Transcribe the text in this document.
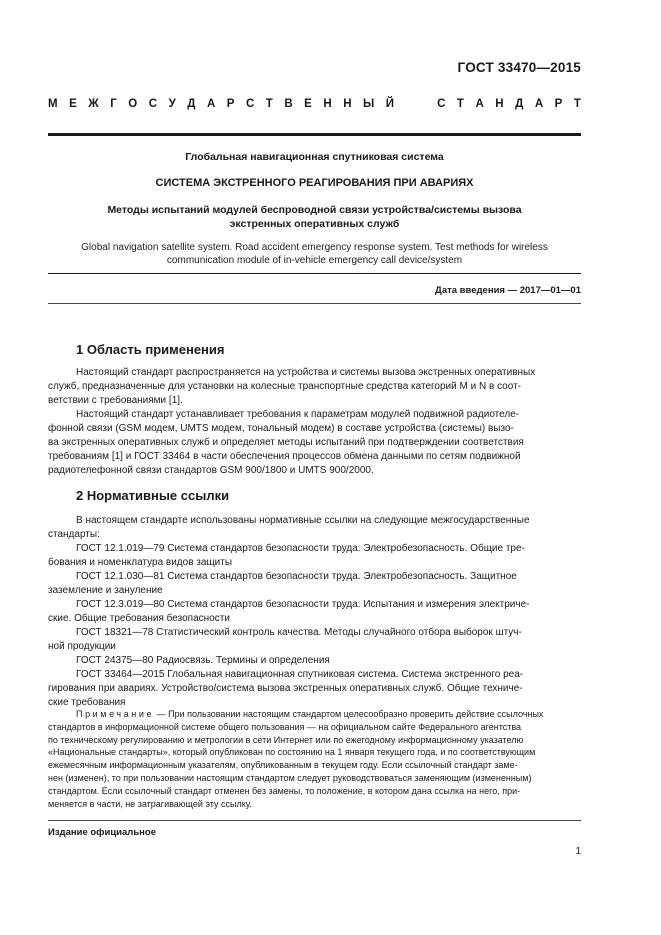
ГОСТ 33470—2015
М Е Ж Г О С У Д А Р С Т В Е Н Н Ы Й	С Т А Н Д А Р Т
Глобальная навигационная спутниковая система
СИСТЕМА ЭКСТРЕННОГО РЕАГИРОВАНИЯ ПРИ АВАРИЯХ
Методы испытаний модулей беспроводной связи устройства/системы вызова
экстренных оперативных служб
Global navigation satellite system. Road accident emergency response system. Test methods for wireless
communication module of in-vehicle emergency call device/system
Дата введения — 2017—01—01
1 Область применения
Настоящий стандарт распространяется на устройства и системы вызова экстренных оперативных
служб, предназначенные для установки на колесные транспортные средства категорий M и N в соот-
ветствии с требованиями [1].
Настоящий стандарт устанавливает требования к параметрам модулей подвижной радиотеле-
фонной связи (GSM модем, UMTS модем, тональный модем) в составе устройства (системы) вызо-
ва экстренных оперативных служб и определяет методы испытаний при подтверждении соответствия
требованиям [1] и ГОСТ 33464 в части обеспечения процессов обмена данными по сетям подвижной
радиотелефонной связи стандартов GSM 900/1800 и UMTS 900/2000.
2 Нормативные ссылки
В настоящем стандарте использованы нормативные ссылки на следующие межгосударственные
стандарты:
ГОСТ 12.1.019—79 Система стандартов безопасности труда. Электробезопасность. Общие тре-
бования и номенклатура видов защиты
ГОСТ 12.1.030—81 Система стандартов безопасности труда. Электробезопасность. Защитное
заземление и зануление
ГОСТ 12.3.019—80 Система стандартов безопасности труда. Испытания и измерения электриче-
ские. Общие требования безопасности
ГОСТ 18321—78 Статистический контроль качества. Методы случайного отбора выборок штуч-
ной продукции
ГОСТ 24375—80 Радиосвязь. Термины и определения
ГОСТ 33464—2015 Глобальная навигационная спутниковая система. Система экстренного реа-
гирования при авариях. Устройство/система вызова экстренных оперативных служб. Общие техниче-
ские требования
Примечание — При пользовании настоящим стандартом целесообразно проверить действие ссылочных
стандартов в информационной системе общего пользования — на официальном сайте Федерального агентства
по техническому регулированию и метрологии в сети Интернет или по ежегодному информационному указателю
«Национальные стандарты», который опубликован по состоянию на 1 января текущего года, и по соответствующим
ежемесячным информационным указателям, опубликованным в текущем году. Если ссылочный стандарт заме-
нен (изменен), то при пользовании настоящим стандартом следует руководствоваться заменяющим (измененным)
стандартом. Если ссылочный стандарт отменен без замены, то положение, в котором дана ссылка на него, при-
меняется в части, не затрагивающей эту ссылку.
Издание официальное
1
